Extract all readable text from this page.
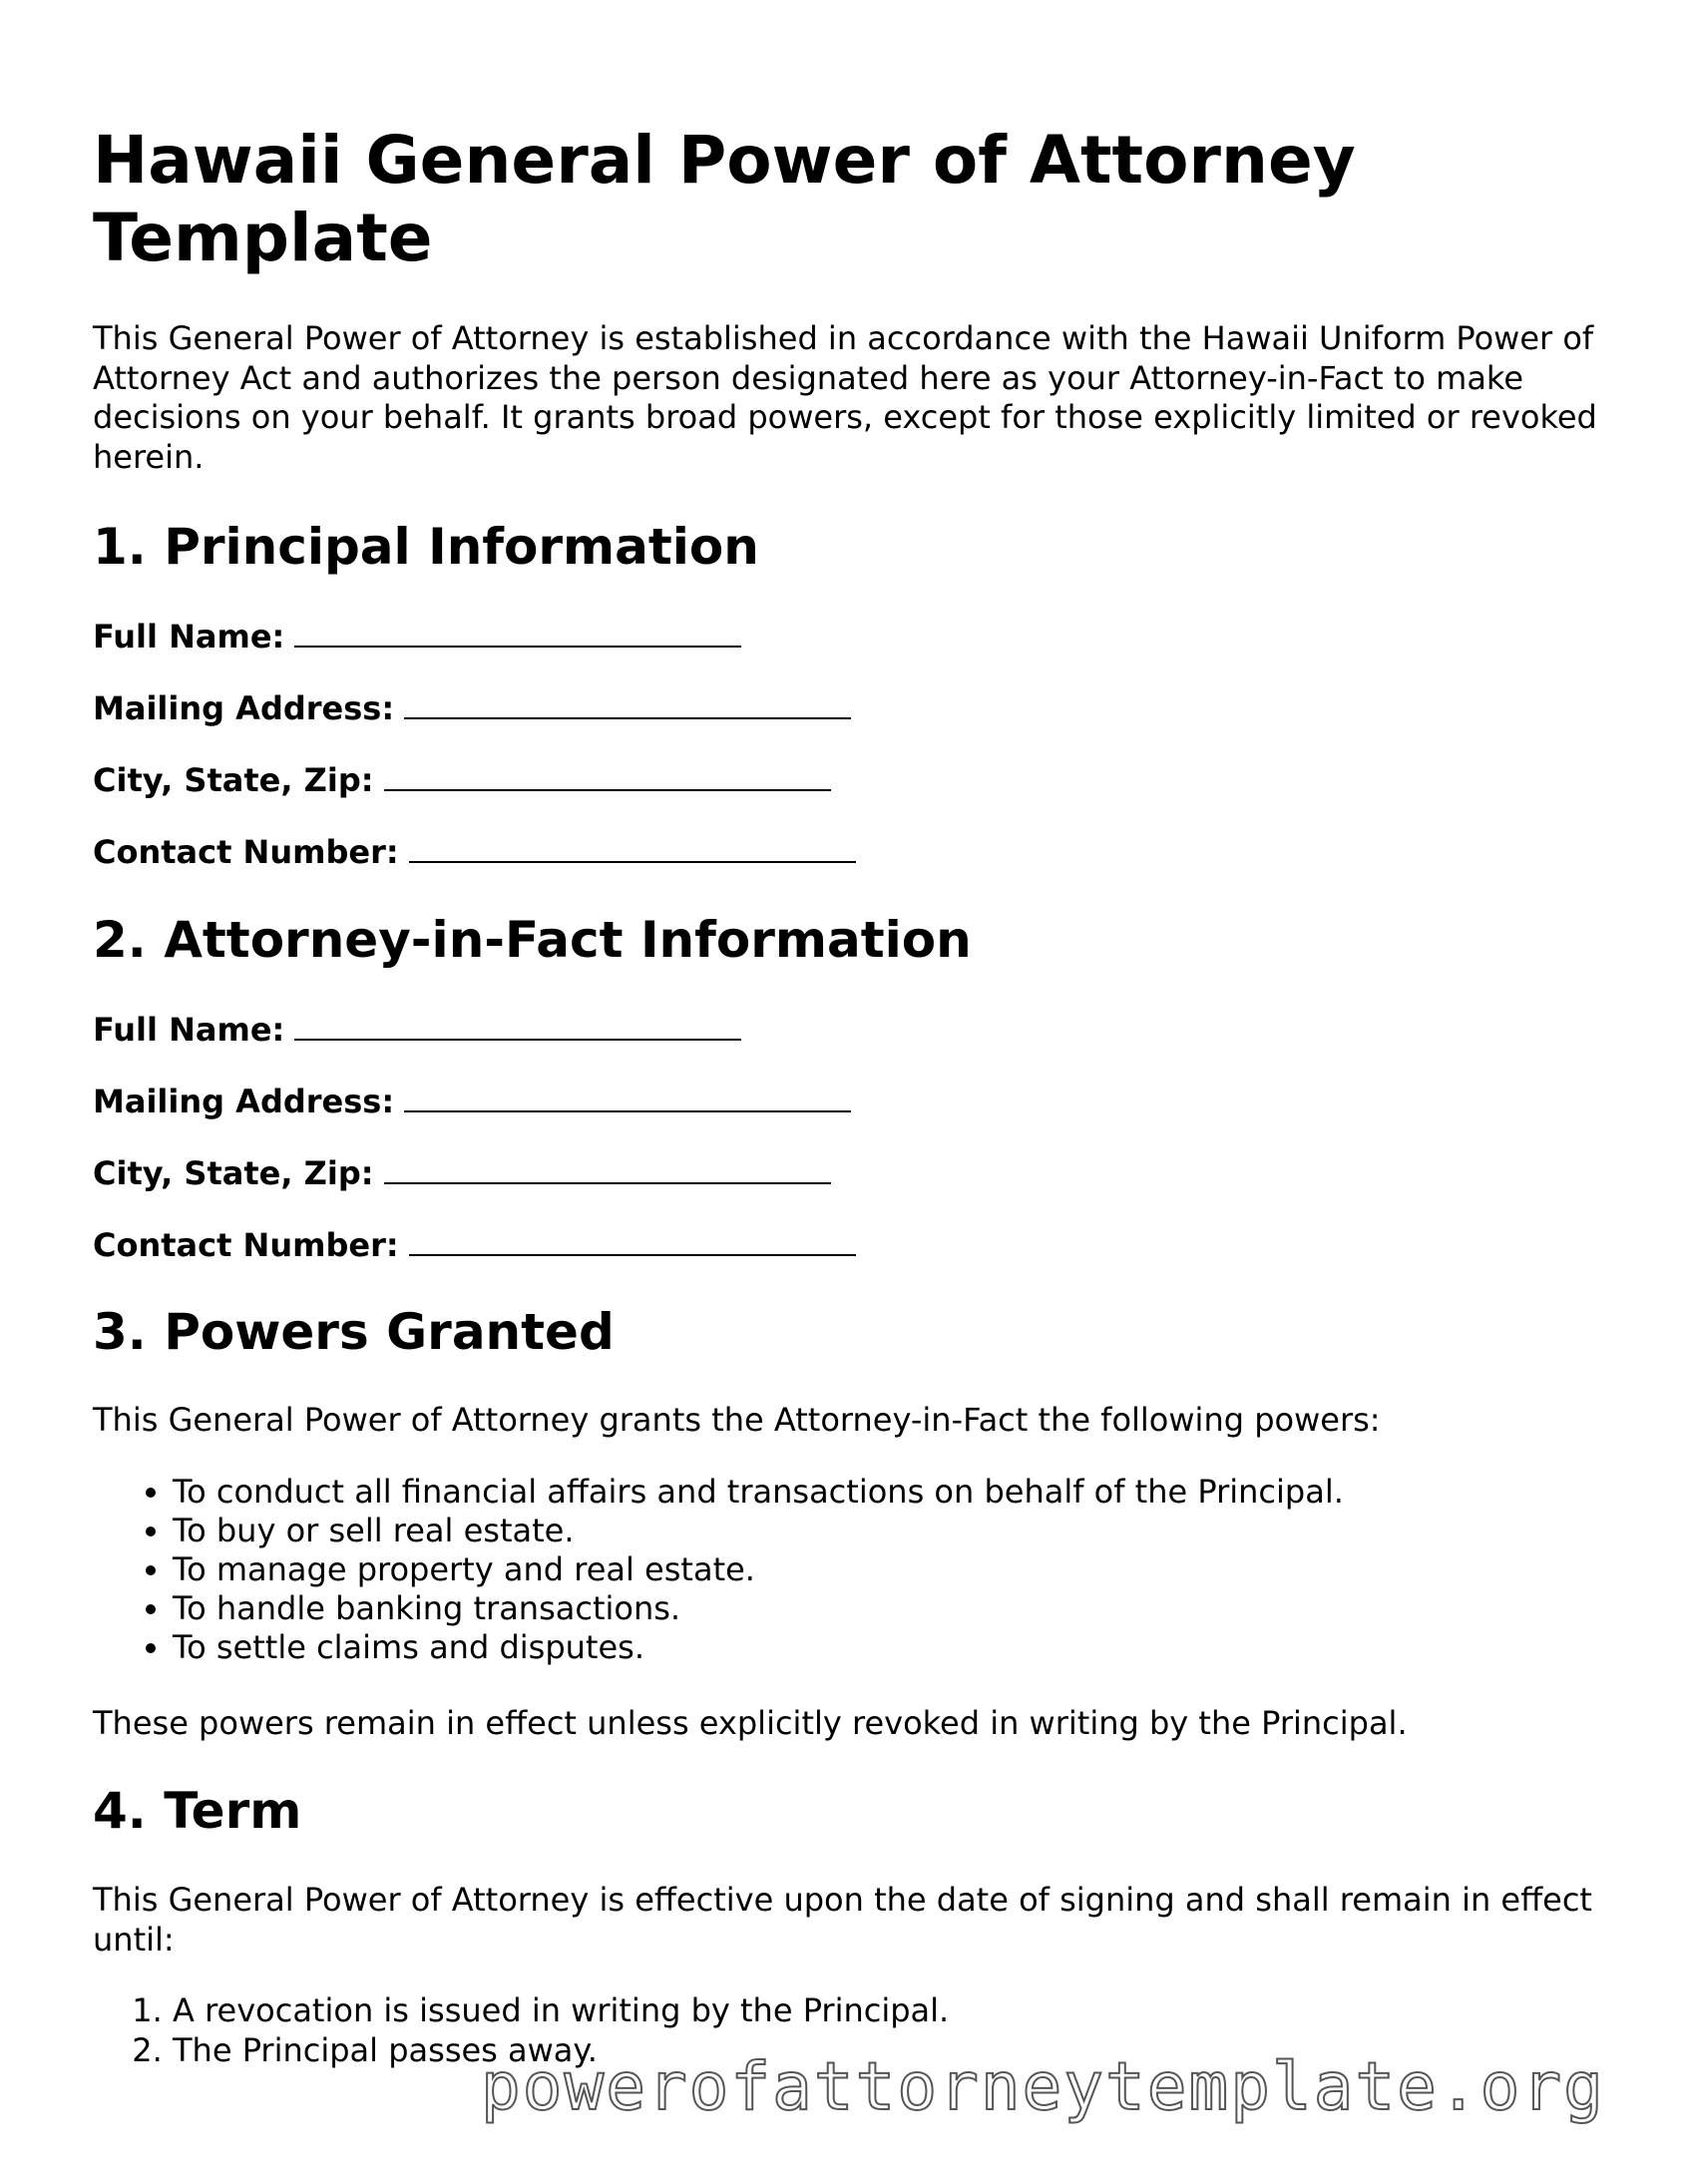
Hawaii General Power of Attorney Template

This General Power of Attorney is established in accordance with the Hawaii Uniform Power of Attorney Act and authorizes the person designated here as your Attorney-in-Fact to make decisions on your behalf. It grants broad powers, except for those explicitly limited or revoked herein.

1. Principal Information
Full Name:
Mailing Address:
City, State, Zip:
Contact Number:
2. Attorney-in-Fact Information
Full Name:
Mailing Address:
City, State, Zip:
Contact Number:
3. Powers Granted

This General Power of Attorney grants the Attorney-in-Fact the following powers:

• To conduct all financial affairs and transactions on behalf of the Principal.
• To buy or sell real estate.
• To manage property and real estate.
• To handle banking transactions.
• To settle claims and disputes.

These powers remain in effect unless explicitly revoked in writing by the Principal.

4. Term

This General Power of Attorney is effective upon the date of signing and shall remain in effect until:

1. A revocation is issued in writing by the Principal.
2. The Principal passes away.
powerofattorneytemplate.org
